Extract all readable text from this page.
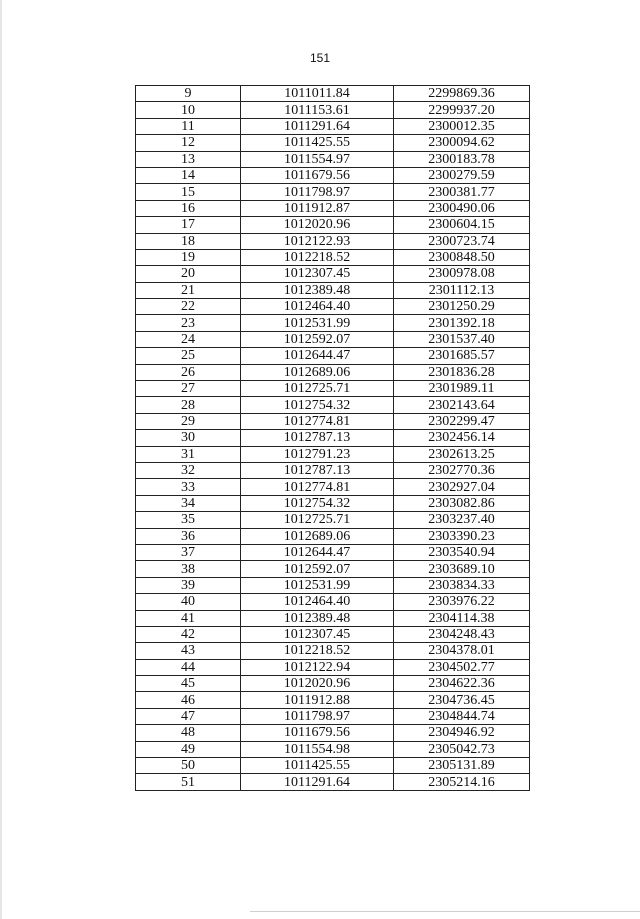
151
9	1011011.84	2299869.36
10	1011153.61	2299937.20
11	1011291.64	2300012.35
12	1011425.55	2300094.62
13	1011554.97	2300183.78
14	1011679.56	2300279.59
15	1011798.97	2300381.77
16	1011912.87	2300490.06
17	1012020.96	2300604.15
18	1012122.93	2300723.74
19	1012218.52	2300848.50
20	1012307.45	2300978.08
21	1012389.48	2301112.13
22	1012464.40	2301250.29
23	1012531.99	2301392.18
24	1012592.07	2301537.40
25	1012644.47	2301685.57
26	1012689.06	2301836.28
27	1012725.71	2301989.11
28	1012754.32	2302143.64
29	1012774.81	2302299.47
30	1012787.13	2302456.14
31	1012791.23	2302613.25
32	1012787.13	2302770.36
33	1012774.81	2302927.04
34	1012754.32	2303082.86
35	1012725.71	2303237.40
36	1012689.06	2303390.23
37	1012644.47	2303540.94
38	1012592.07	2303689.10
39	1012531.99	2303834.33
40	1012464.40	2303976.22
41	1012389.48	2304114.38
42	1012307.45	2304248.43
43	1012218.52	2304378.01
44	1012122.94	2304502.77
45	1012020.96	2304622.36
46	1011912.88	2304736.45
47	1011798.97	2304844.74
48	1011679.56	2304946.92
49	1011554.98	2305042.73
50	1011425.55	2305131.89
51	1011291.64	2305214.16
